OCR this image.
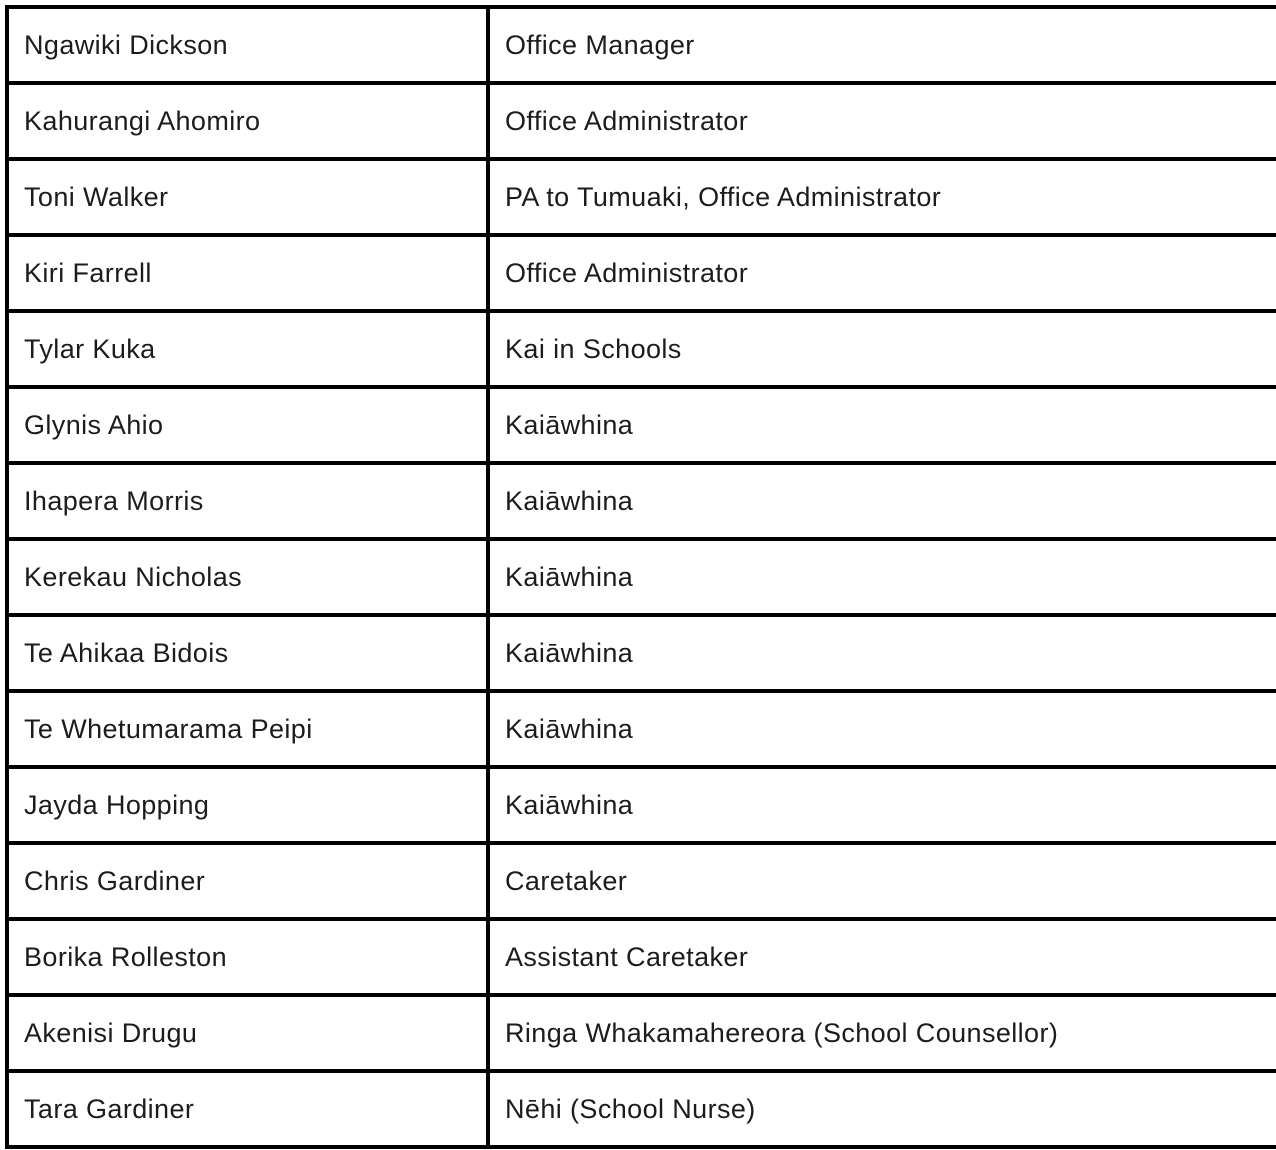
Ngawiki Dickson	Office Manager	
Kahurangi Ahomiro	Office Administrator	
Toni Walker	PA to Tumuaki, Office Administrator	
Kiri Farrell	Office Administrator	
Tylar Kuka	Kai in Schools	
Glynis Ahio	Kaiāwhina	
Ihapera Morris	Kaiāwhina	
Kerekau Nicholas	Kaiāwhina	
Te Ahikaa Bidois	Kaiāwhina	
Te Whetumarama Peipi	Kaiāwhina	
Jayda Hopping	Kaiāwhina	
Chris Gardiner	Caretaker	
Borika Rolleston	Assistant Caretaker	
Akenisi Drugu	Ringa Whakamahereora (School Counsellor)	
Tara Gardiner	Nēhi (School Nurse)	
